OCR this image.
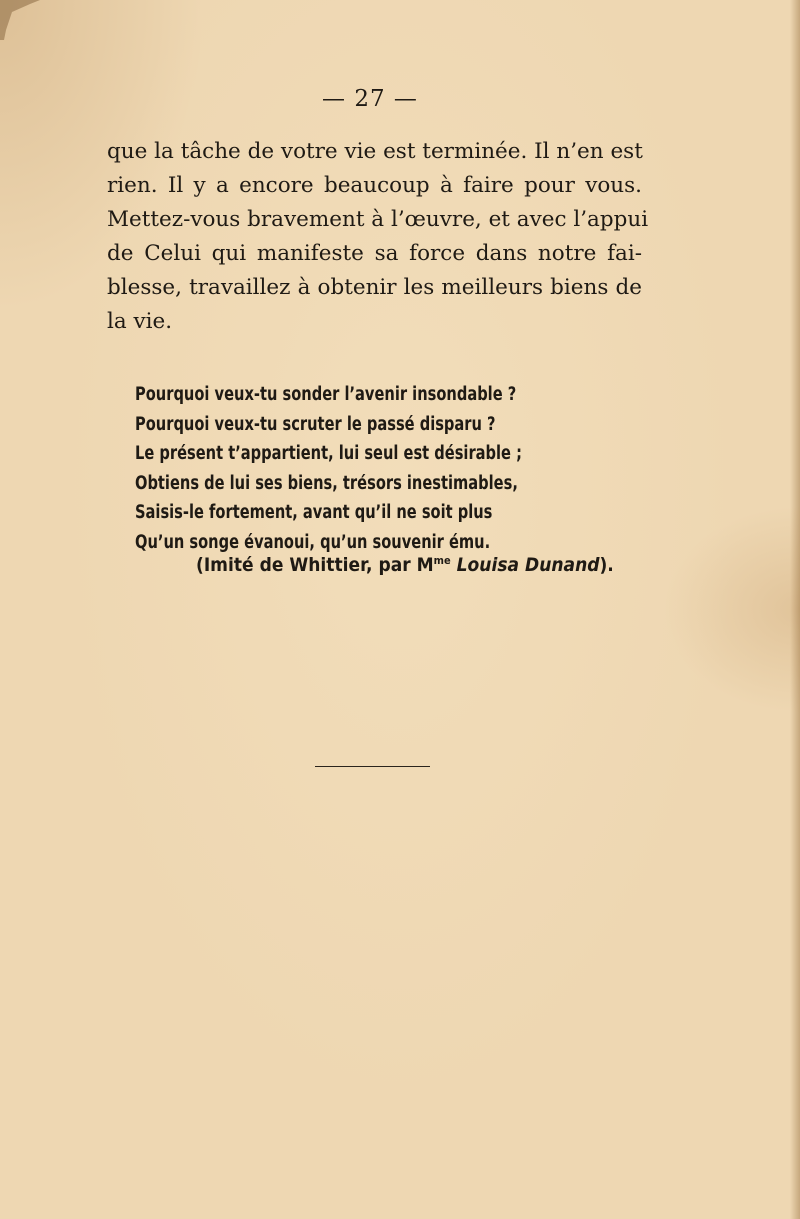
— 27 —
que la tâche de votre vie est terminée. Il n’en est
rien. Il y a encore beaucoup à faire pour vous.
Mettez-vous bravement à l’œuvre, et avec l’appui
de Celui qui manifeste sa force dans notre fai-
blesse, travaillez à obtenir les meilleurs biens de
la vie.
Pourquoi veux-tu sonder l’avenir insondable ?
Pourquoi veux-tu scruter le passé disparu ?
Le présent t’appartient, lui seul est désirable ;
Obtiens de lui ses biens, trésors inestimables,
Saisis-le fortement, avant qu’il ne soit plus
Qu’un songe évanoui, qu’un souvenir ému.
(Imité de Whittier, par $M^{me}$ Louisa Dunand).
